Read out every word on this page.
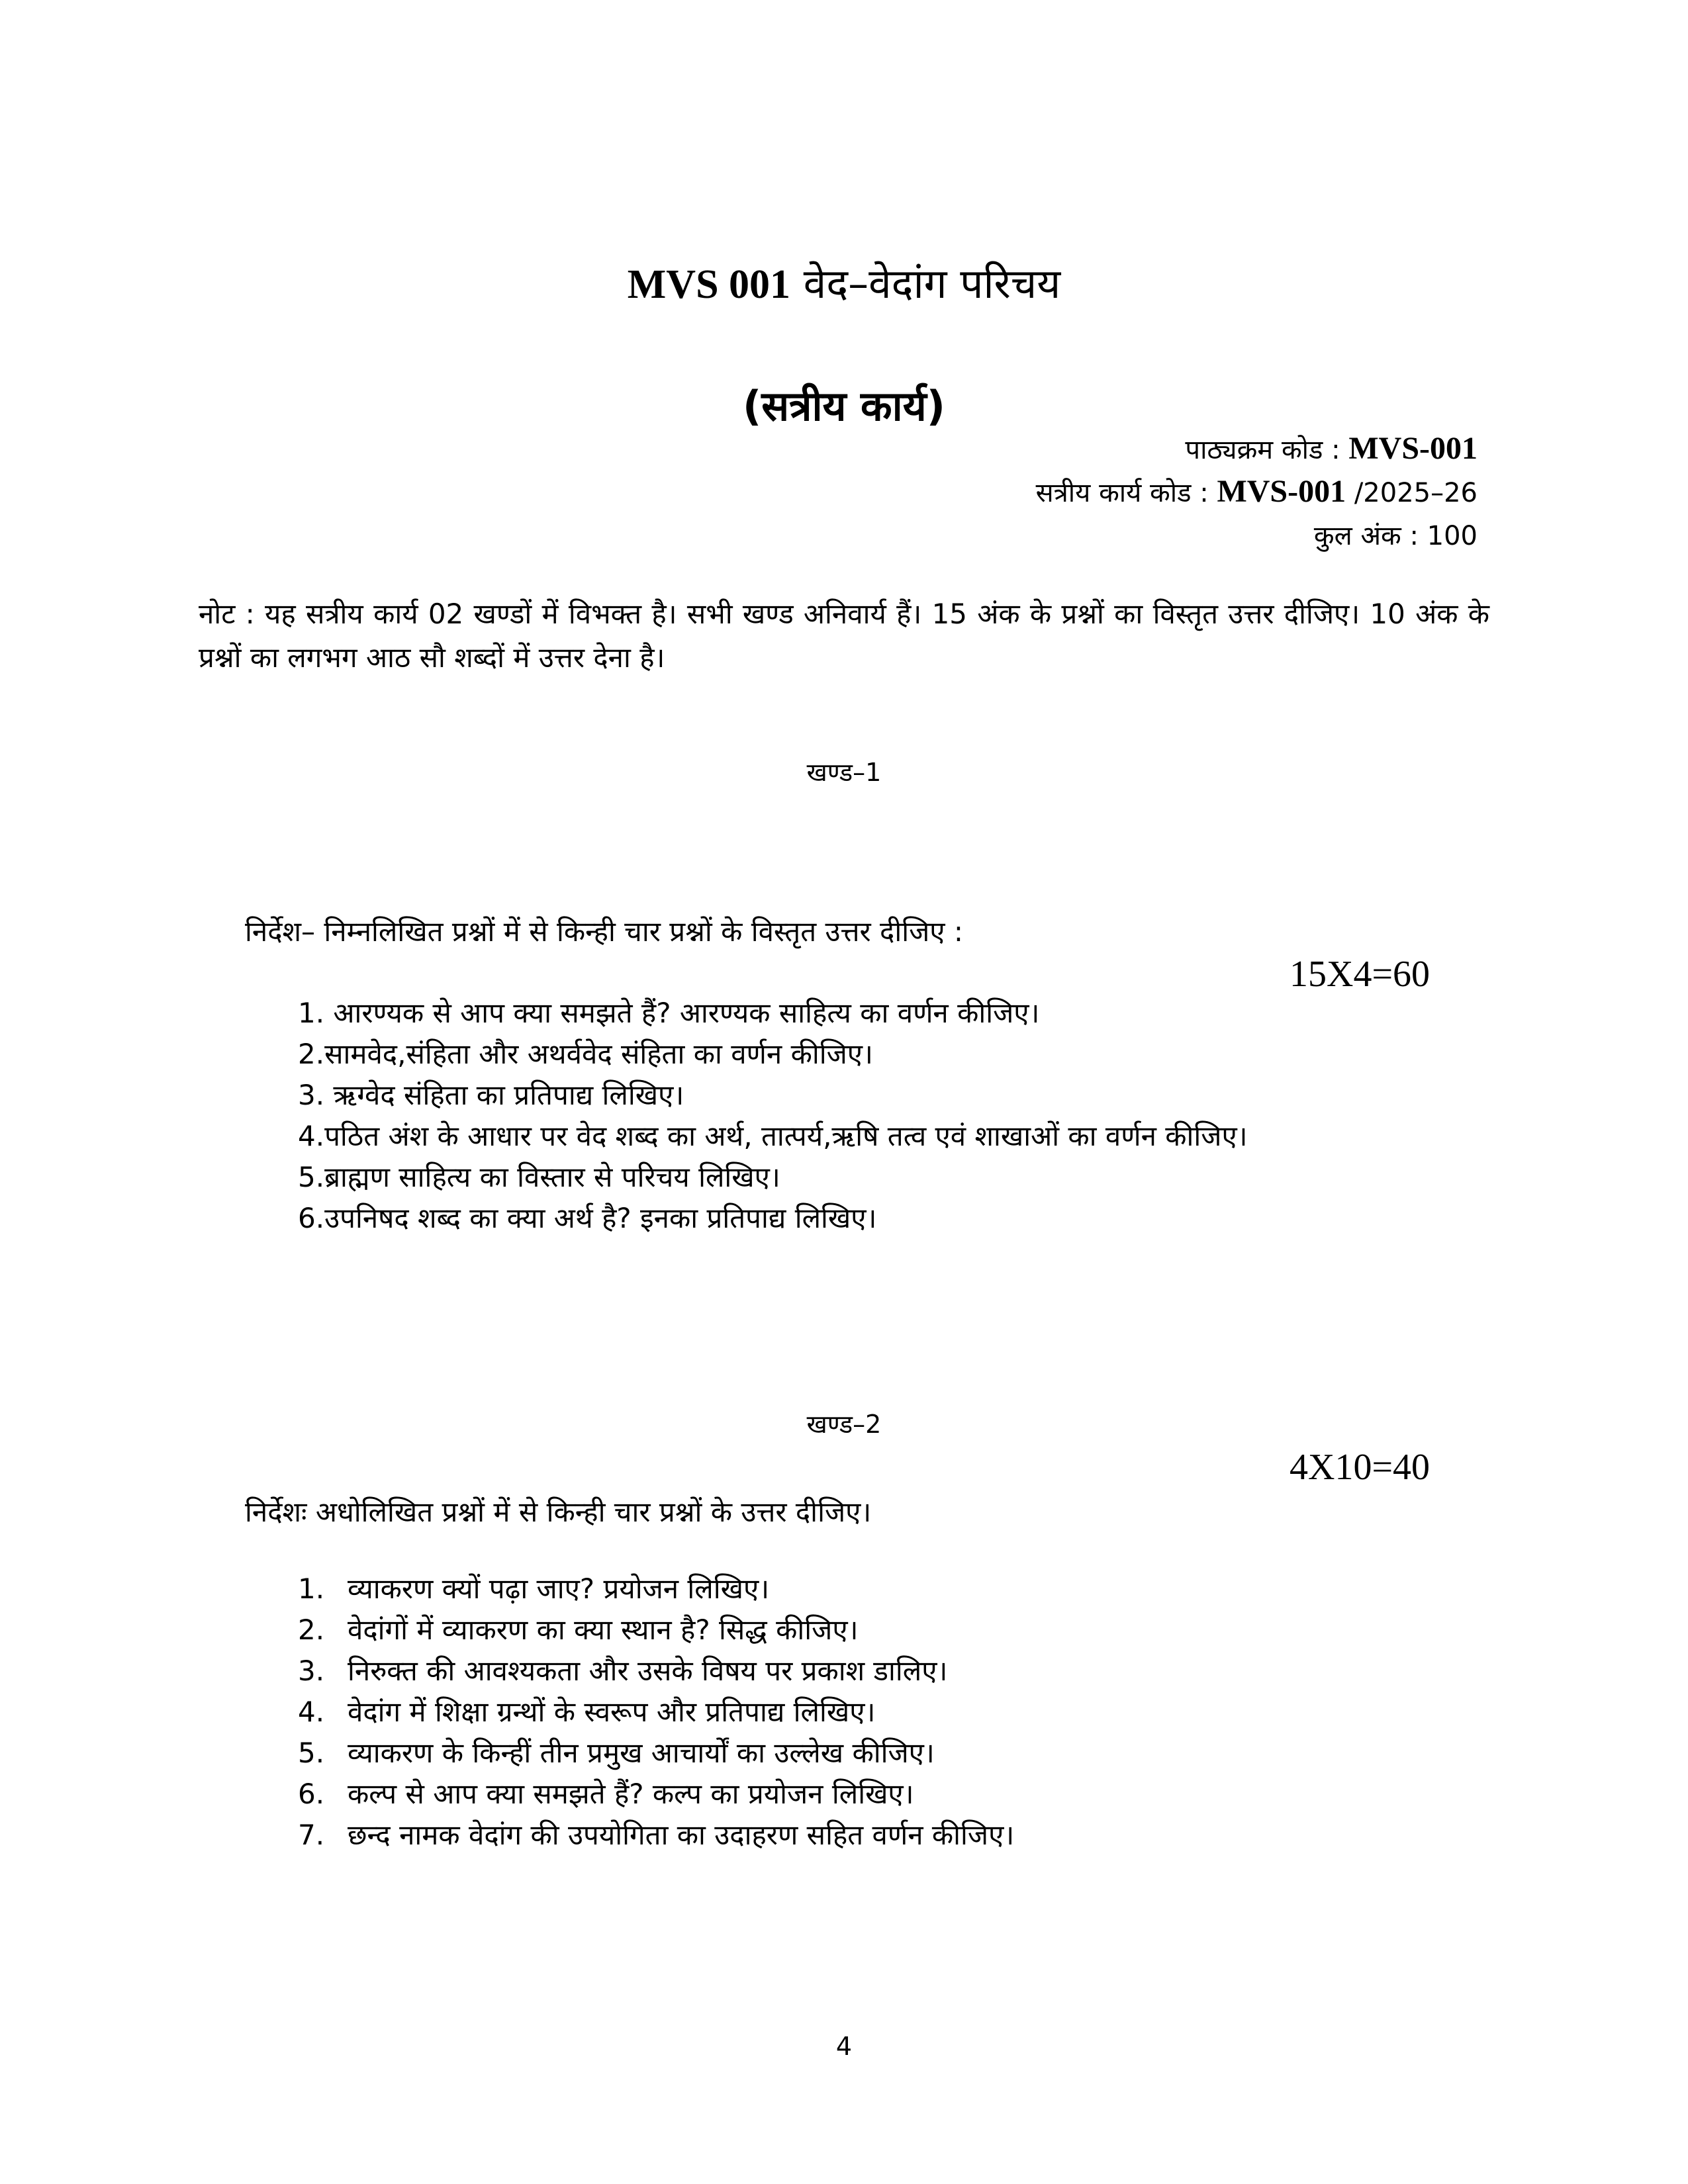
MVS 001 वेद–वेदांग परिचय
(सत्रीय कार्य)
पाठ्यक्रम कोड : MVS-001
सत्रीय कार्य कोड : MVS-001 /2025–26
कुल अंक : 100
नोट : यह सत्रीय कार्य 02 खण्डों में विभक्त है। सभी खण्ड अनिवार्य हैं। 15 अंक के प्रश्नों का विस्तृत उत्तर दीजिए। 10 अंक के प्रश्नों का लगभग आठ सौ शब्दों में उत्तर देना है।
खण्ड–1
निर्देश– निम्नलिखित प्रश्नों में से किन्ही चार प्रश्नों के विस्तृत उत्तर दीजिए :
15X4=60
1. आरण्यक से आप क्या समझते हैं? आरण्यक साहित्य का वर्णन कीजिए।
2.सामवेद,संहिता और अथर्ववेद संहिता का वर्णन कीजिए।
3. ऋग्वेद संहिता का प्रतिपाद्य लिखिए।
4.पठित अंश के आधार पर वेद शब्द का अर्थ, तात्पर्य,ऋषि तत्व एवं शाखाओं का वर्णन कीजिए।
5.ब्राह्मण साहित्य का विस्तार से परिचय लिखिए।
6.उपनिषद शब्द का क्या अर्थ है? इनका प्रतिपाद्य लिखिए।
खण्ड–2
4X10=40
निर्देशः अधोलिखित प्रश्नों में से किन्ही चार प्रश्नों के उत्तर दीजिए।
1. व्याकरण क्यों पढ़ा जाए? प्रयोजन लिखिए।
2. वेदांगों में व्याकरण का क्या स्थान है? सिद्ध कीजिए।
3. निरुक्त की आवश्यकता और उसके विषय पर प्रकाश डालिए।
4. वेदांग में शिक्षा ग्रन्थों के स्वरूप और प्रतिपाद्य लिखिए।
5. व्याकरण के किन्हीं तीन प्रमुख आचार्यों का उल्लेख कीजिए।
6. कल्प से आप क्या समझते हैं? कल्प का प्रयोजन लिखिए।
7. छन्द नामक वेदांग की उपयोगिता का उदाहरण सहित वर्णन कीजिए।
4
